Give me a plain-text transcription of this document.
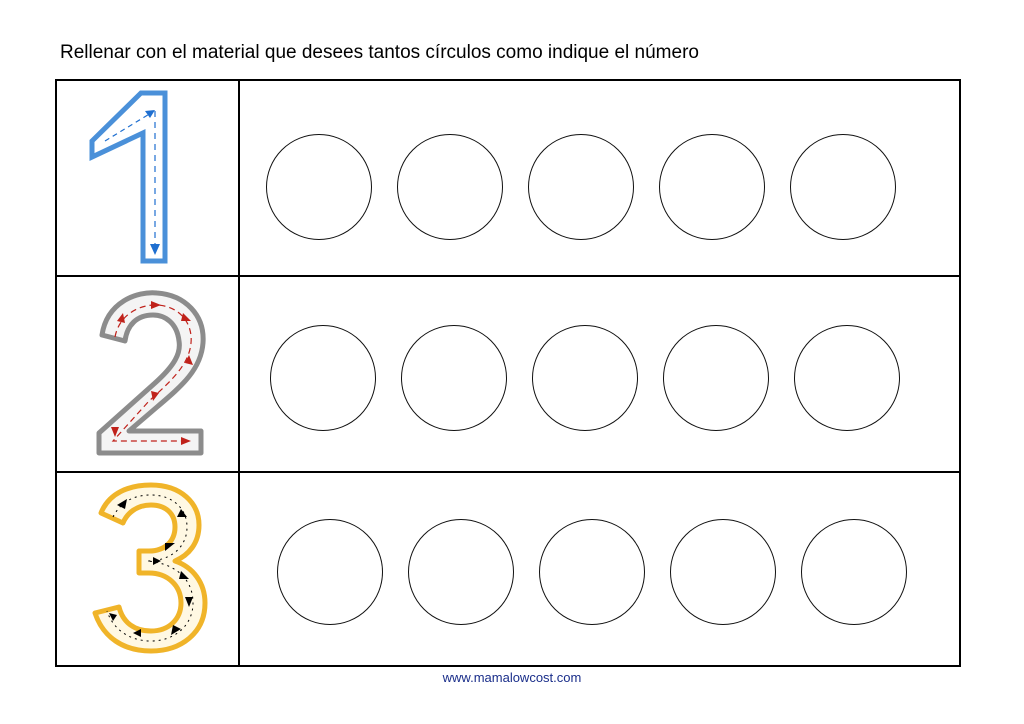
Rellenar con el material que desees tantos círculos como indique el número
www.mamalowcost.com
